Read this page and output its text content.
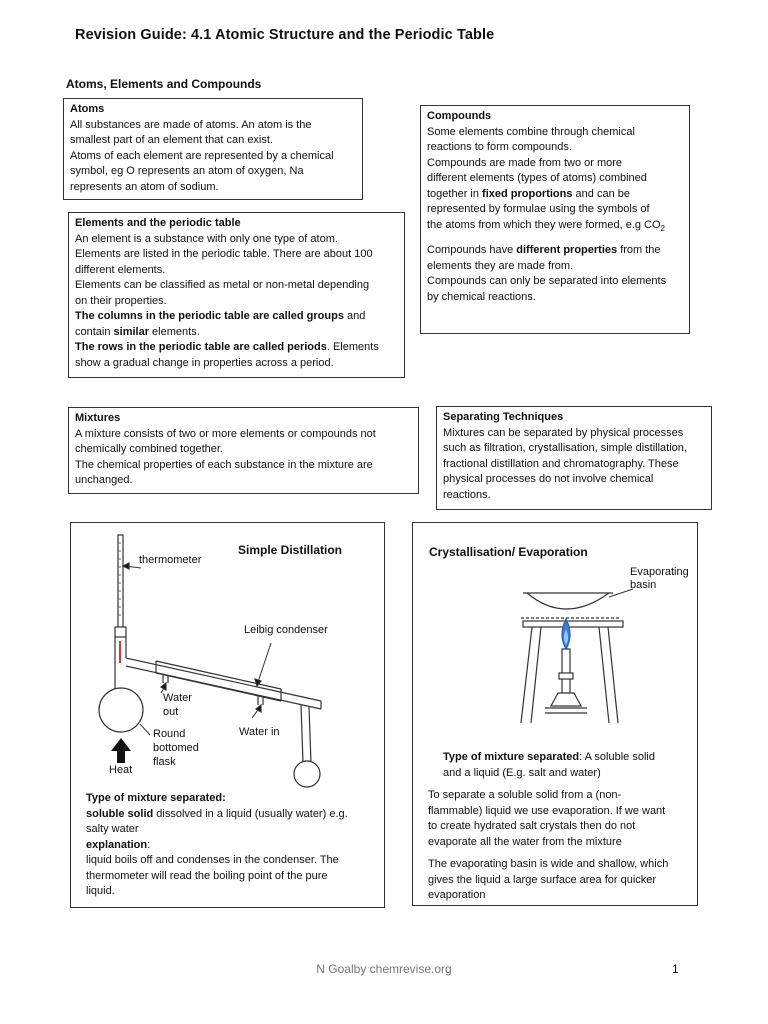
Revision Guide: 4.1 Atomic Structure and the Periodic Table
Atoms, Elements and Compounds

Atoms

All substances are made of atoms. An atom is the

smallest part of an element that can exist.

Atoms of each element are represented by a chemical

symbol, eg O represents an atom of oxygen, Na

represents an atom of sodium.

Compounds

Some elements combine through chemical

reactions to form compounds.

Compounds are made from two or more

different elements (types of atoms) combined

together in fixed proportions and can be

represented by formulae using the symbols of

the atoms from which they were formed, e.g $CO_2$

Compounds have different properties from the

elements they are made from.

Compounds can only be separated into elements

by chemical reactions.

Elements and the periodic table

An element is a substance with only one type of atom.

Elements are listed in the periodic table. There are about 100

different elements.

Elements can be classified as metal or non-metal depending

on their properties.

The columns in the periodic table are called groups and

contain similar elements.

The rows in the periodic table are called periods. Elements

show a gradual change in properties across a period.

Mixtures

A mixture consists of two or more elements or compounds not

chemically combined together.

The chemical properties of each substance in the mixture are

unchanged.

Separating Techniques

Mixtures can be separated by physical processes

such as filtration, crystallisation, simple distillation,

fractional distillation and chromatography. These

physical processes do not involve chemical

reactions.

Simple Distillation
thermometer
Leibig condenser
Water
out
Water in
Round
bottomed
flask
Heat

Type of mixture separated:

soluble solid dissolved in a liquid (usually water) e.g.

salty water

explanation:

liquid boils off and condenses in the condenser. The

thermometer will read the boiling point of the pure

liquid.

Crystallisation/ Evaporation
Evaporating
basin

Type of mixture separated: A soluble solid

and a liquid (E.g. salt and water)

To separate a soluble solid from a (non-

flammable) liquid we use evaporation. If we want

to create hydrated salt crystals then do not

evaporate all the water from the mixture

The evaporating basin is wide and shallow, which

gives the liquid a large surface area for quicker

evaporation

N Goalby chemrevise.org	1
